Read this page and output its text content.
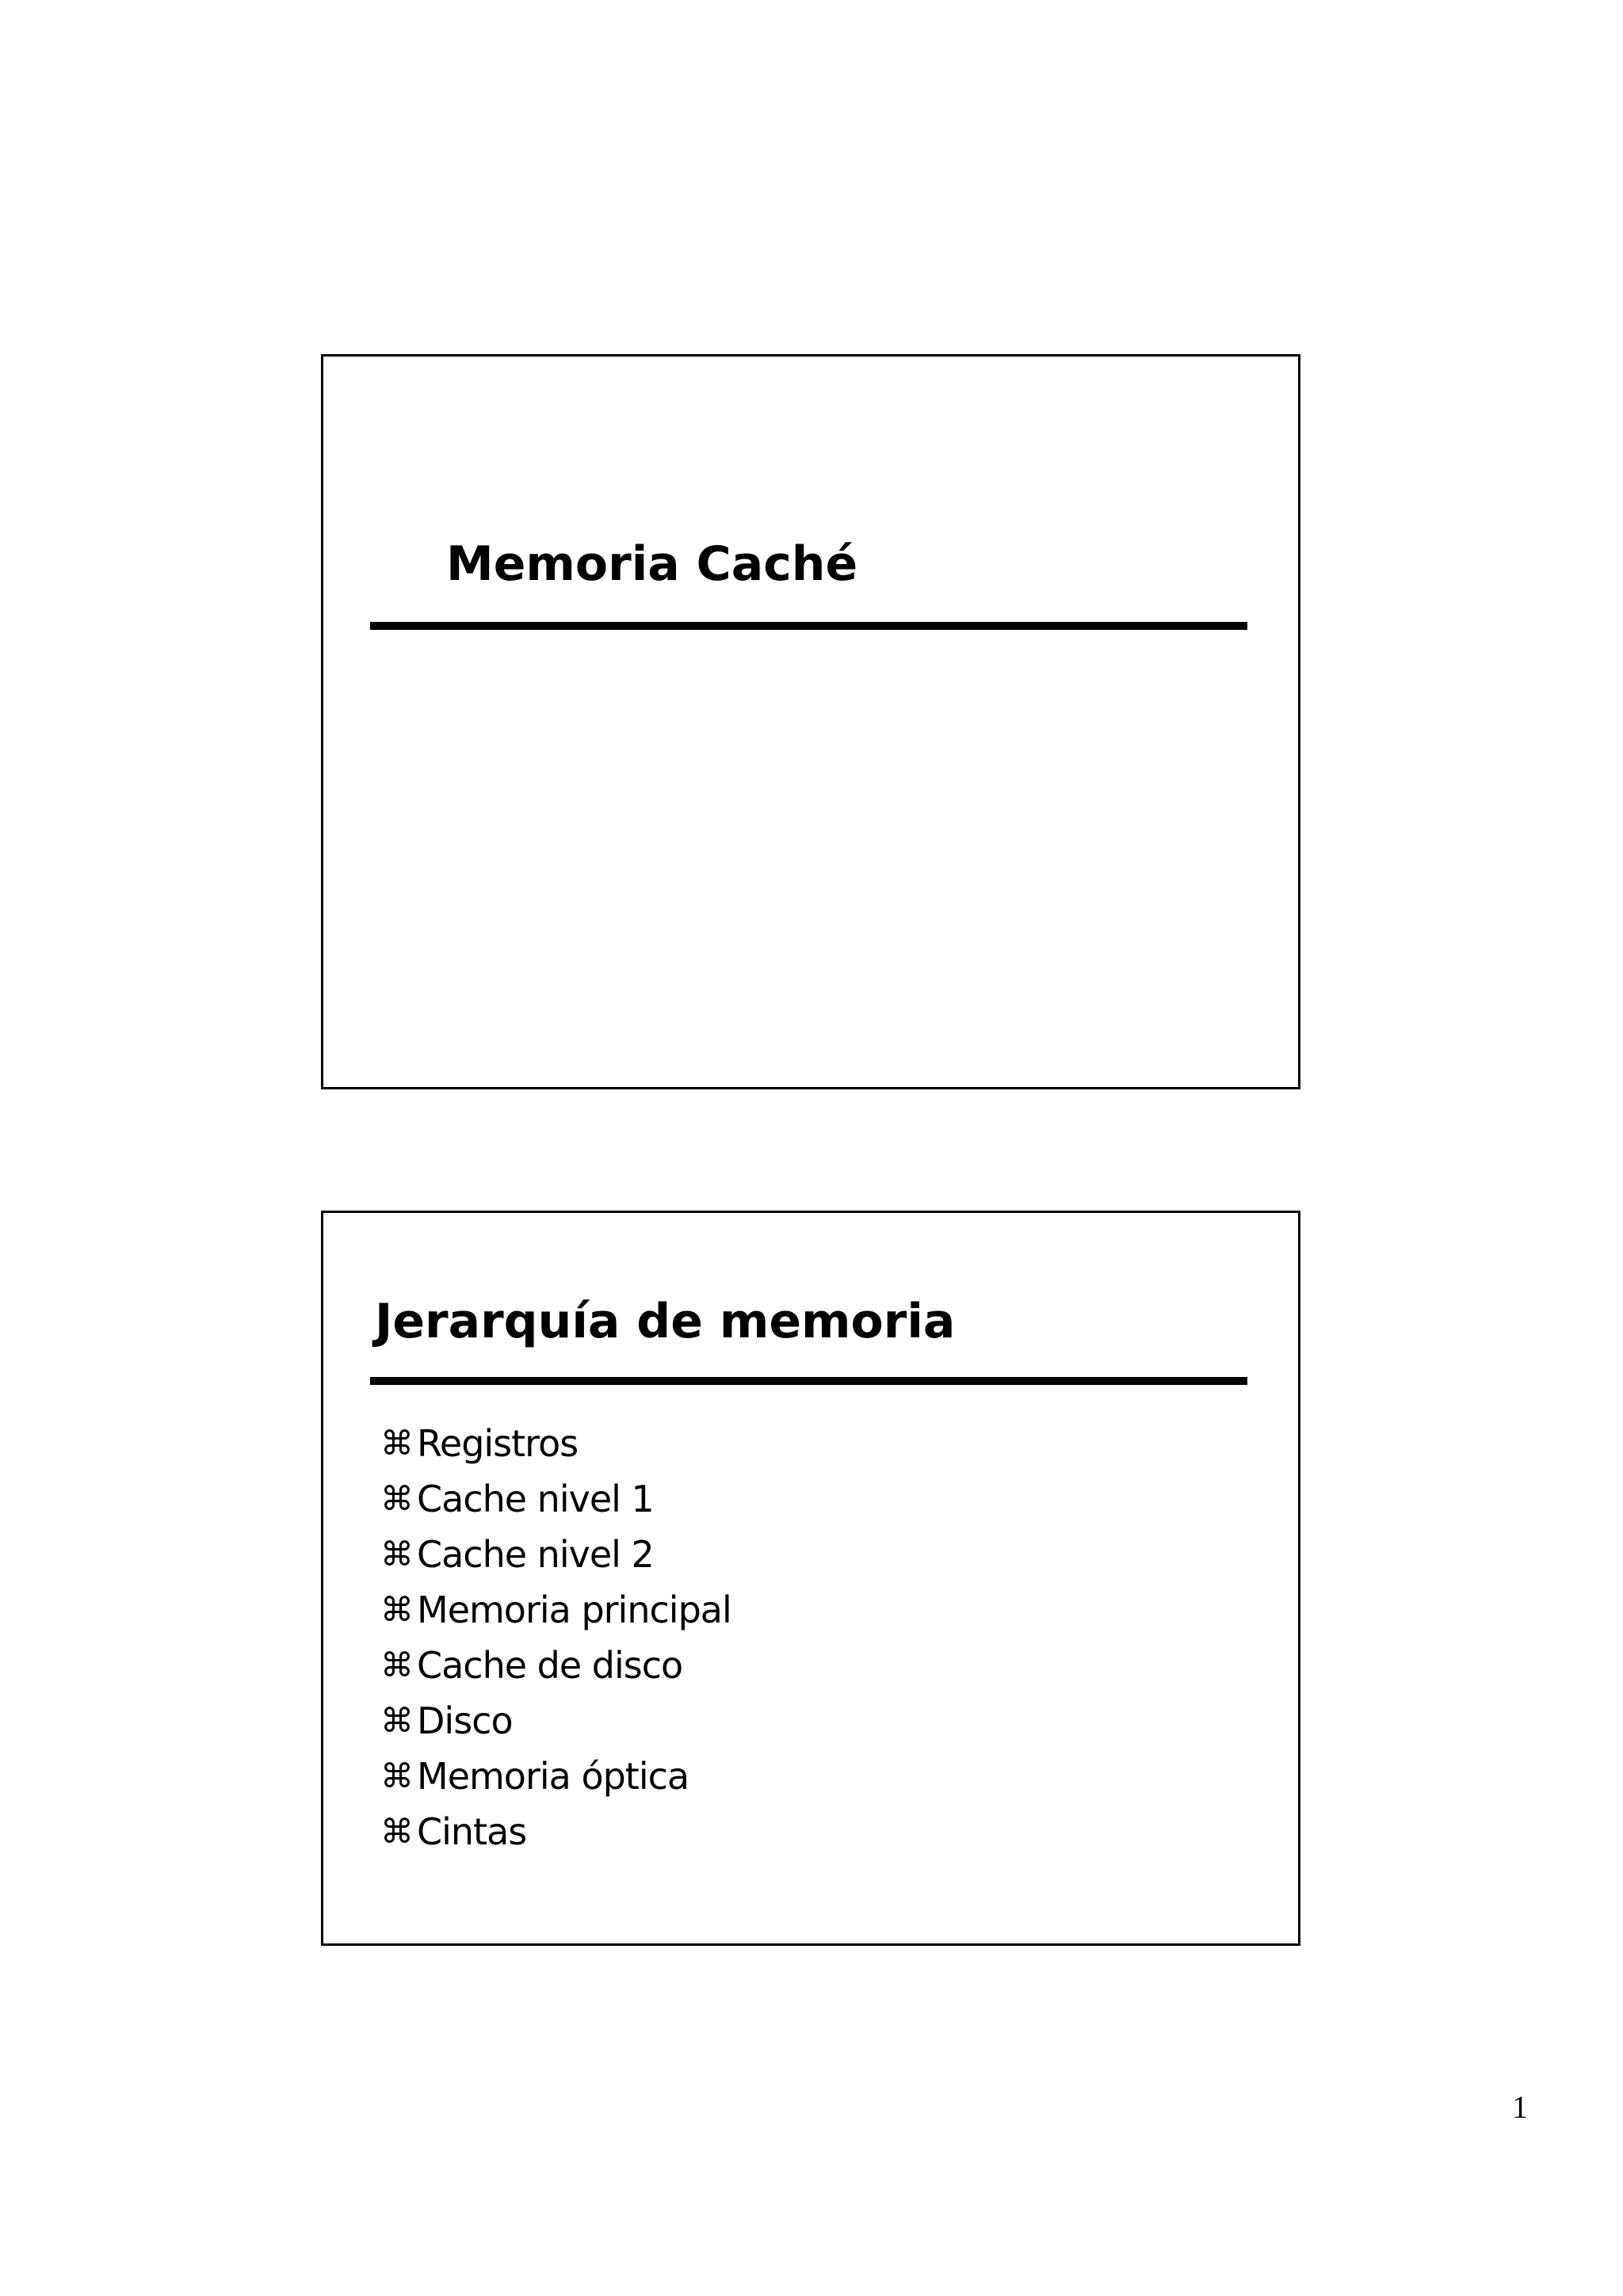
Memoria Caché
Jerarquía de memoria
⌘ Registros
⌘ Cache nivel 1
⌘ Cache nivel 2
⌘ Memoria principal
⌘ Cache de disco
⌘ Disco
⌘ Memoria óptica
⌘ Cintas
1
